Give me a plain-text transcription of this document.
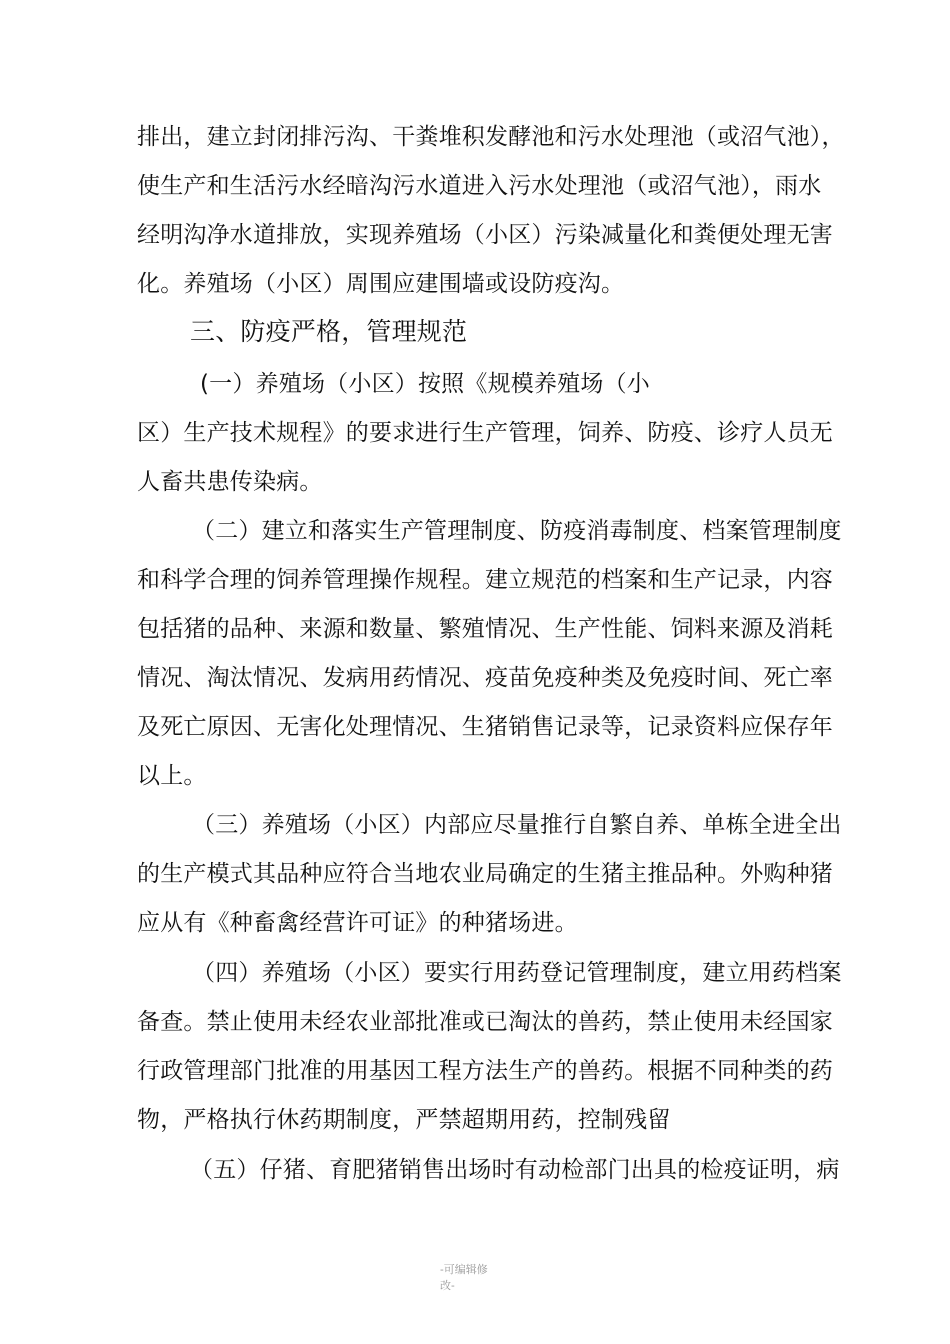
排出，建立封闭排污沟、干粪堆积发酵池和污水处理池（或沼气池），
使生产和生活污水经暗沟污水道进入污水处理池（或沼气池），雨水
经明沟净水道排放，实现养殖场（小区）污染减量化和粪便处理无害
化。养殖场（小区）周围应建围墙或设防疫沟。
三、防疫严格，管理规范
(一）养殖场（小区）按照《规模养殖场（小
区）生产技术规程》的要求进行生产管理，饲养、防疫、诊疗人员无
人畜共患传染病。
（二）建立和落实生产管理制度、防疫消毒制度、档案管理制度
和科学合理的饲养管理操作规程。建立规范的档案和生产记录，内容
包括猪的品种、来源和数量、繁殖情况、生产性能、饲料来源及消耗
情况、淘汰情况、发病用药情况、疫苗免疫种类及免疫时间、死亡率
及死亡原因、无害化处理情况、生猪销售记录等，记录资料应保存年
以上。
（三）养殖场（小区）内部应尽量推行自繁自养、单栋全进全出
的生产模式其品种应符合当地农业局确定的生猪主推品种。外购种猪
应从有《种畜禽经营许可证》的种猪场进。
（四）养殖场（小区）要实行用药登记管理制度，建立用药档案
备查。禁止使用未经农业部批准或已淘汰的兽药，禁止使用未经国家
行政管理部门批准的用基因工程方法生产的兽药。根据不同种类的药
物，严格执行休药期制度，严禁超期用药，控制残留
（五）仔猪、育肥猪销售出场时有动检部门出具的检疫证明，病
-可编辑修改-
